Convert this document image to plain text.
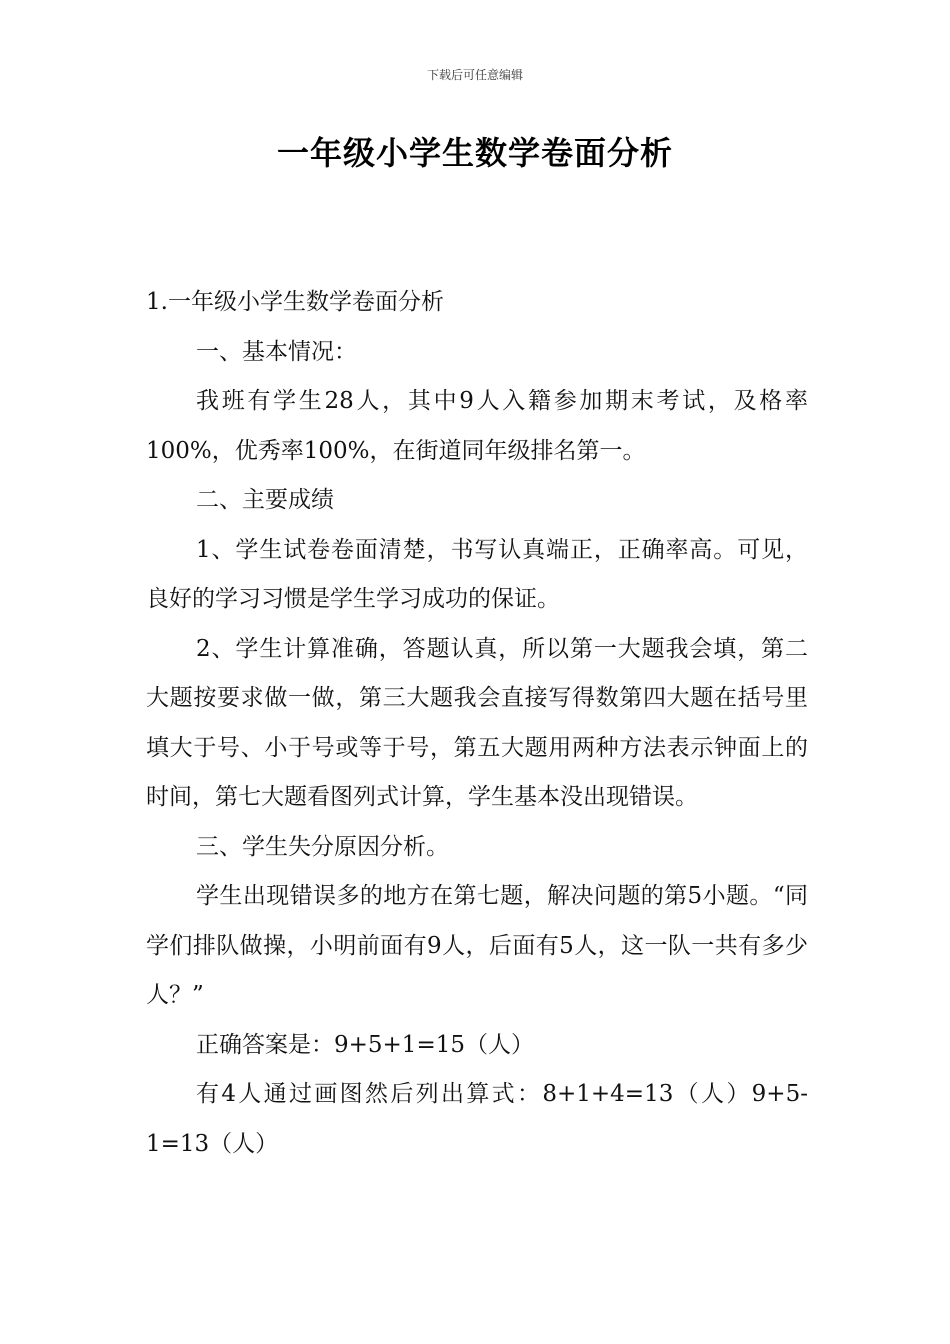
下载后可任意编辑
一年级小学生数学卷面分析

1.一年级小学生数学卷面分析

一、基本情况：

我班有学生28人，其中9人入籍参加期末考试，及格率100%，优秀率100%，在街道同年级排名第一。

二、主要成绩

1、学生试卷卷面清楚，书写认真端正，正确率高。可见，良好的学习习惯是学生学习成功的保证。

2、学生计算准确，答题认真，所以第一大题我会填，第二大题按要求做一做，第三大题我会直接写得数第四大题在括号里填大于号、小于号或等于号，第五大题用两种方法表示钟面上的时间，第七大题看图列式计算，学生基本没出现错误。

三、学生失分原因分析。

学生出现错误多的地方在第七题，解决问题的第5小题。“同学们排队做操，小明前面有9人，后面有5人，这一队一共有多少人？”

正确答案是：9+5+1=15（人）

有4人通过画图然后列出算式：8+1+4=13（人）9+5-1=13（人）
